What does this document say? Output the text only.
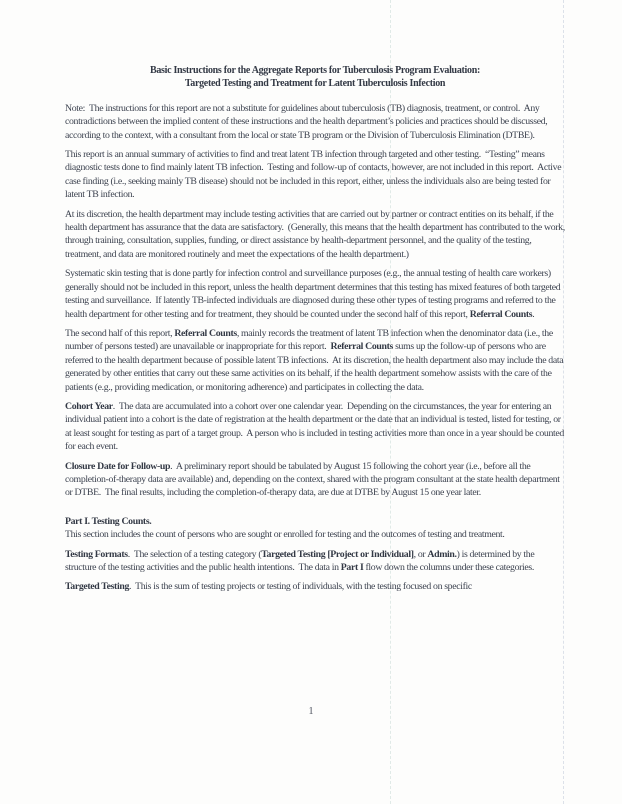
Basic Instructions for the Aggregate Reports for Tuberculosis Program Evaluation:
Targeted Testing and Treatment for Latent Tuberculosis Infection

Note:  The instructions for this report are not a substitute for guidelines about tuberculosis (TB) diagnosis, treatment, or control.  Any contradictions between the implied content of these instructions and the health department’s policies and practices should be discussed, according to the context, with a consultant from the local or state TB program or the Division of Tuberculosis Elimination (DTBE).

This report is an annual summary of activities to find and treat latent TB infection through targeted and other testing.  “Testing” means diagnostic tests done to find mainly latent TB infection.  Testing and follow-up of contacts, however, are not included in this report.  Active case finding (i.e., seeking mainly TB disease) should not be included in this report, either, unless the individuals also are being tested for latent TB infection.

At its discretion, the health department may include testing activities that are carried out by partner or contract entities on its behalf, if the health department has assurance that the data are satisfactory.  (Generally, this means that the health department has contributed to the work, through training, consultation, supplies, funding, or direct assistance by health-department personnel, and the quality of the testing, treatment, and data are monitored routinely and meet the expectations of the health department.)

Systematic skin testing that is done partly for infection control and surveillance purposes (e.g., the annual testing of health care workers) generally should not be included in this report, unless the health department determines that this testing has mixed features of both targeted testing and surveillance.  If latently TB-infected individuals are diagnosed during these other types of testing programs and referred to the health department for other testing and for treatment, they should be counted under the second half of this report, Referral Counts.

The second half of this report, Referral Counts, mainly records the treatment of latent TB infection when the denominator data (i.e., the number of persons tested) are unavailable or inappropriate for this report.  Referral Counts sums up the follow-up of persons who are referred to the health department because of possible latent TB infections.  At its discretion, the health department also may include the data generated by other entities that carry out these same activities on its behalf, if the health department somehow assists with the care of the patients (e.g., providing medication, or monitoring adherence) and participates in collecting the data.

Cohort Year.  The data are accumulated into a cohort over one calendar year.  Depending on the circumstances, the year for entering an individual patient into a cohort is the date of registration at the health department or the date that an individual is tested, listed for testing, or at least sought for testing as part of a target group.  A person who is included in testing activities more than once in a year should be counted for each event.

Closure Date for Follow-up.  A preliminary report should be tabulated by August 15 following the cohort year (i.e., before all the completion-of-therapy data are available) and, depending on the context, shared with the program consultant at the state health department or DTBE.  The final results, including the completion-of-therapy data, are due at DTBE by August 15 one year later.

Part I. Testing Counts.

This section includes the count of persons who are sought or enrolled for testing and the outcomes of testing and treatment.

Testing Formats.  The selection of a testing category (Targeted Testing [Project or Individual], or Admin.) is determined by the structure of the testing activities and the public health intentions.  The data in Part I flow down the columns under these categories.

Targeted Testing.  This is the sum of testing projects or testing of individuals, with the testing focused on specific

1
